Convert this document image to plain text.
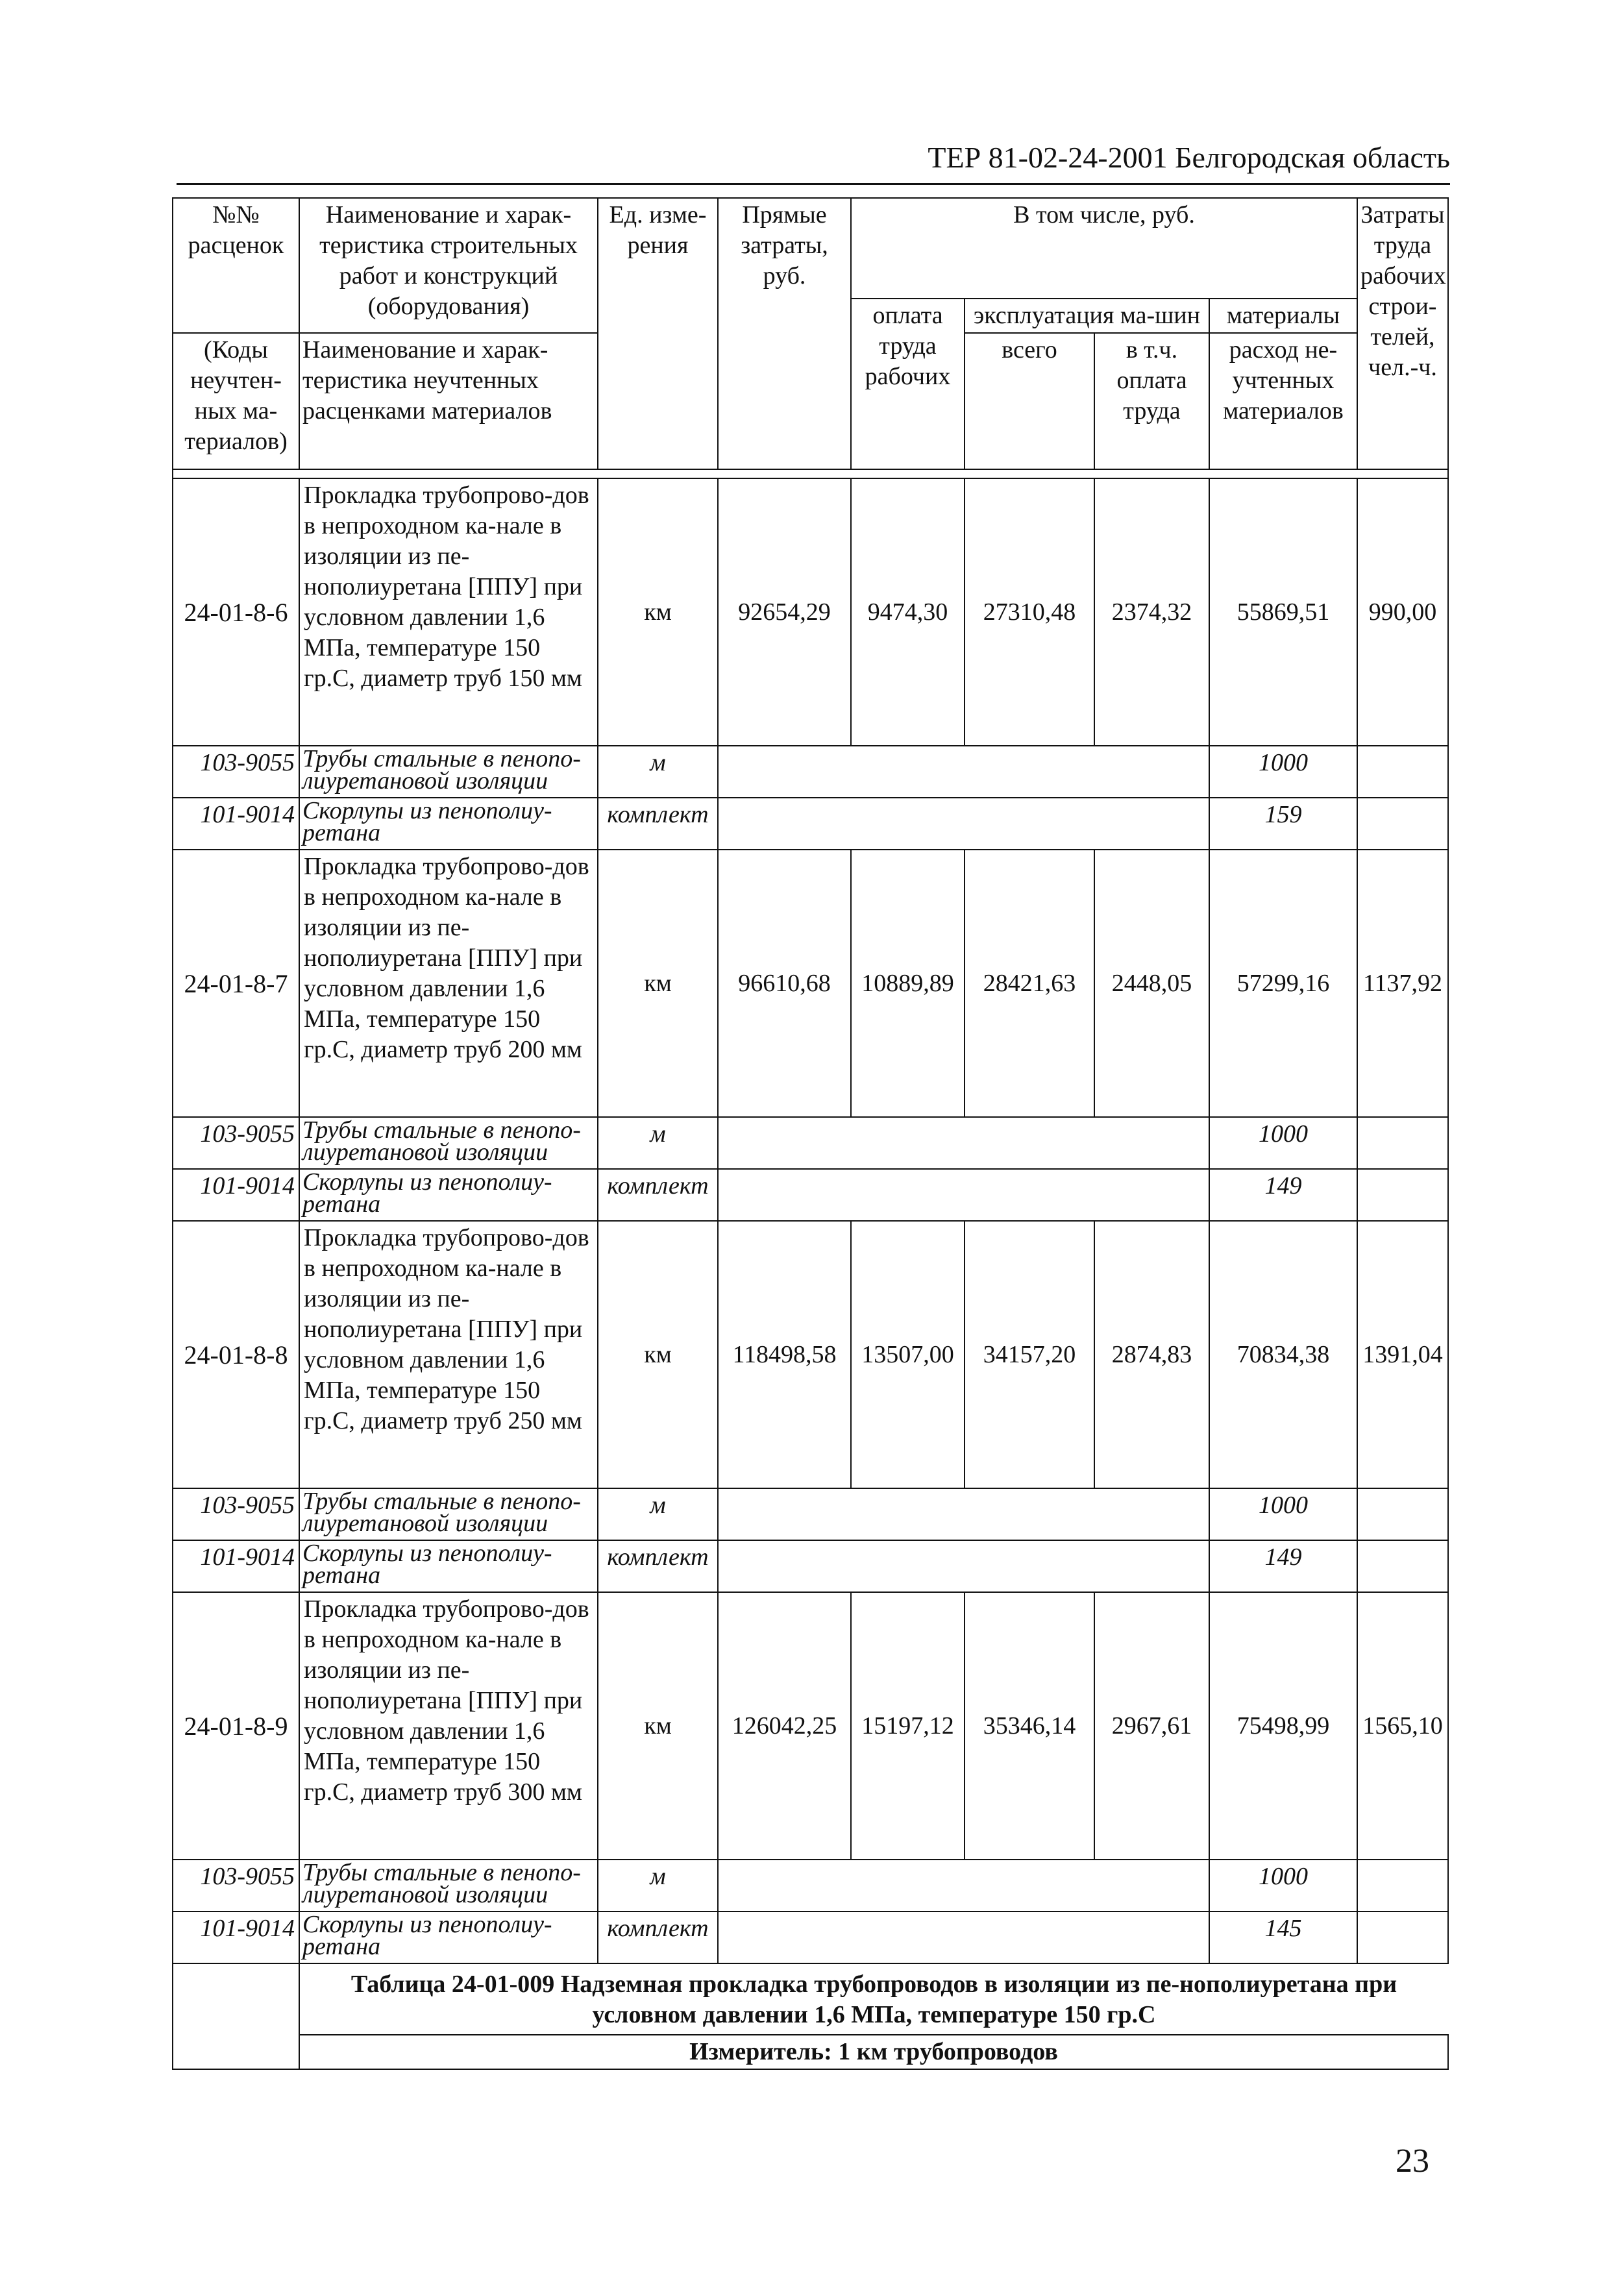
ТЕР 81-02-24-2001 Белгородская область
№№ расценок	Наименование и харак-теристика строительных работ и конструкций (оборудования)	Ед. изме-рения	Прямые затраты, руб.	В том числе, руб.				Затраты труда рабочих строи-телей, чел.-ч.
				оплата труда рабочих	эксплуатация ма-шин		материалы	
(Коды неучтен-ных ма-териалов)	Наименование и харак-теристика неучтенных расценками материалов				всего	в т.ч. оплата труда	расход не-учтенных материалов	

24-01-8-6	Прокладка трубопрово-дов в непроходном ка-нале в изоляции из пе-нополиуретана [ППУ] при условном давлении 1,6 МПа, температуре 150 гр.С, диаметр труб 150 мм	км	92654,29	9474,30	27310,48	2374,32	55869,51	990,00
103-9055	Трубы стальные в пенопо-лиуретановой изоляции	м					1000	
101-9014	Скорлупы из пенополиу-ретана	комплект					159	
24-01-8-7	Прокладка трубопрово-дов в непроходном ка-нале в изоляции из пе-нополиуретана [ППУ] при условном давлении 1,6 МПа, температуре 150 гр.С, диаметр труб 200 мм	км	96610,68	10889,89	28421,63	2448,05	57299,16	1137,92
103-9055	Трубы стальные в пенопо-лиуретановой изоляции	м					1000	
101-9014	Скорлупы из пенополиу-ретана	комплект					149	
24-01-8-8	Прокладка трубопрово-дов в непроходном ка-нале в изоляции из пе-нополиуретана [ППУ] при условном давлении 1,6 МПа, температуре 150 гр.С, диаметр труб 250 мм	км	118498,58	13507,00	34157,20	2874,83	70834,38	1391,04
103-9055	Трубы стальные в пенопо-лиуретановой изоляции	м					1000	
101-9014	Скорлупы из пенополиу-ретана	комплект					149	
24-01-8-9	Прокладка трубопрово-дов в непроходном ка-нале в изоляции из пе-нополиуретана [ППУ] при условном давлении 1,6 МПа, температуре 150 гр.С, диаметр труб 300 мм	км	126042,25	15197,12	35346,14	2967,61	75498,99	1565,10
103-9055	Трубы стальные в пенопо-лиуретановой изоляции	м					1000	
101-9014	Скорлупы из пенополиу-ретана	комплект					145	
	Таблица 24-01-009 Надземная прокладка трубопроводов в изоляции из пе-нополиуретана при условном давлении 1,6 МПа, температуре 150 гр.С							
	Измеритель: 1 км трубопроводов							
23
